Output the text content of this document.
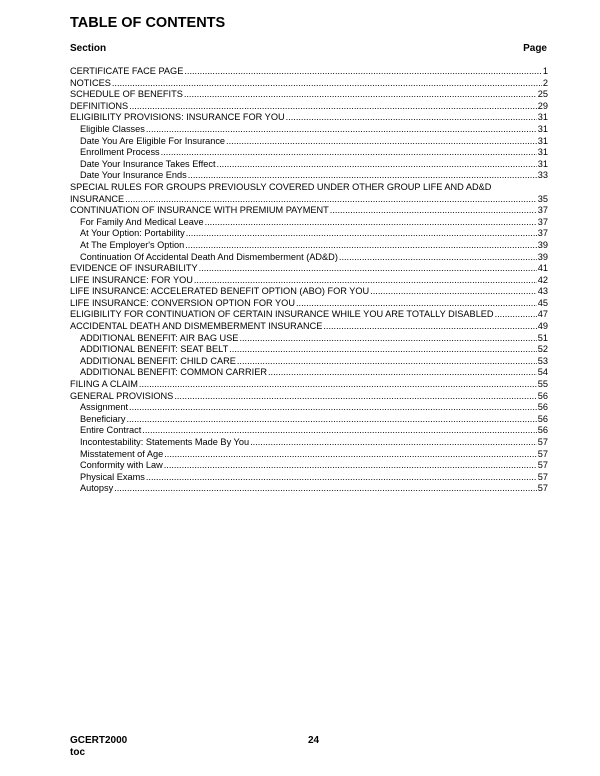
TABLE OF CONTENTS
Section	Page
CERTIFICATE FACE PAGE .....	1
NOTICES .....	2
SCHEDULE OF BENEFITS .....	25
DEFINITIONS .....	29
ELIGIBILITY PROVISIONS: INSURANCE FOR YOU .....	31
Eligible Classes .....	31
Date You Are Eligible For Insurance .....	31
Enrollment Process .....	31
Date Your Insurance Takes Effect .....	31
Date Your Insurance Ends .....	33
SPECIAL RULES FOR GROUPS PREVIOUSLY COVERED UNDER OTHER GROUP LIFE AND AD&D
INSURANCE .....	35
CONTINUATION OF INSURANCE WITH PREMIUM PAYMENT .....	37
For Family And Medical Leave .....	37
At Your Option: Portability .....	37
At The Employer's Option .....	39
Continuation Of Accidental Death And Dismemberment (AD&D) .....	39
EVIDENCE OF INSURABILITY .....	41
LIFE INSURANCE: FOR YOU .....	42
LIFE INSURANCE: ACCELERATED BENEFIT OPTION (ABO) FOR YOU .....	43
LIFE INSURANCE: CONVERSION OPTION FOR YOU .....	45
ELIGIBILITY FOR CONTINUATION OF CERTAIN INSURANCE WHILE YOU ARE TOTALLY DISABLED .....	47
ACCIDENTAL DEATH AND DISMEMBERMENT INSURANCE .....	49
ADDITIONAL BENEFIT: AIR BAG USE .....	51
ADDITIONAL BENEFIT: SEAT BELT .....	52
ADDITIONAL BENEFIT: CHILD CARE .....	53
ADDITIONAL BENEFIT: COMMON CARRIER .....	54
FILING A CLAIM .....	55
GENERAL PROVISIONS .....	56
Assignment .....	56
Beneficiary .....	56
Entire Contract .....	56
Incontestability: Statements Made By You .....	57
Misstatement of Age .....	57
Conformity with Law .....	57
Physical Exams .....	57
Autopsy .....	57
GCERT2000
toc
24
